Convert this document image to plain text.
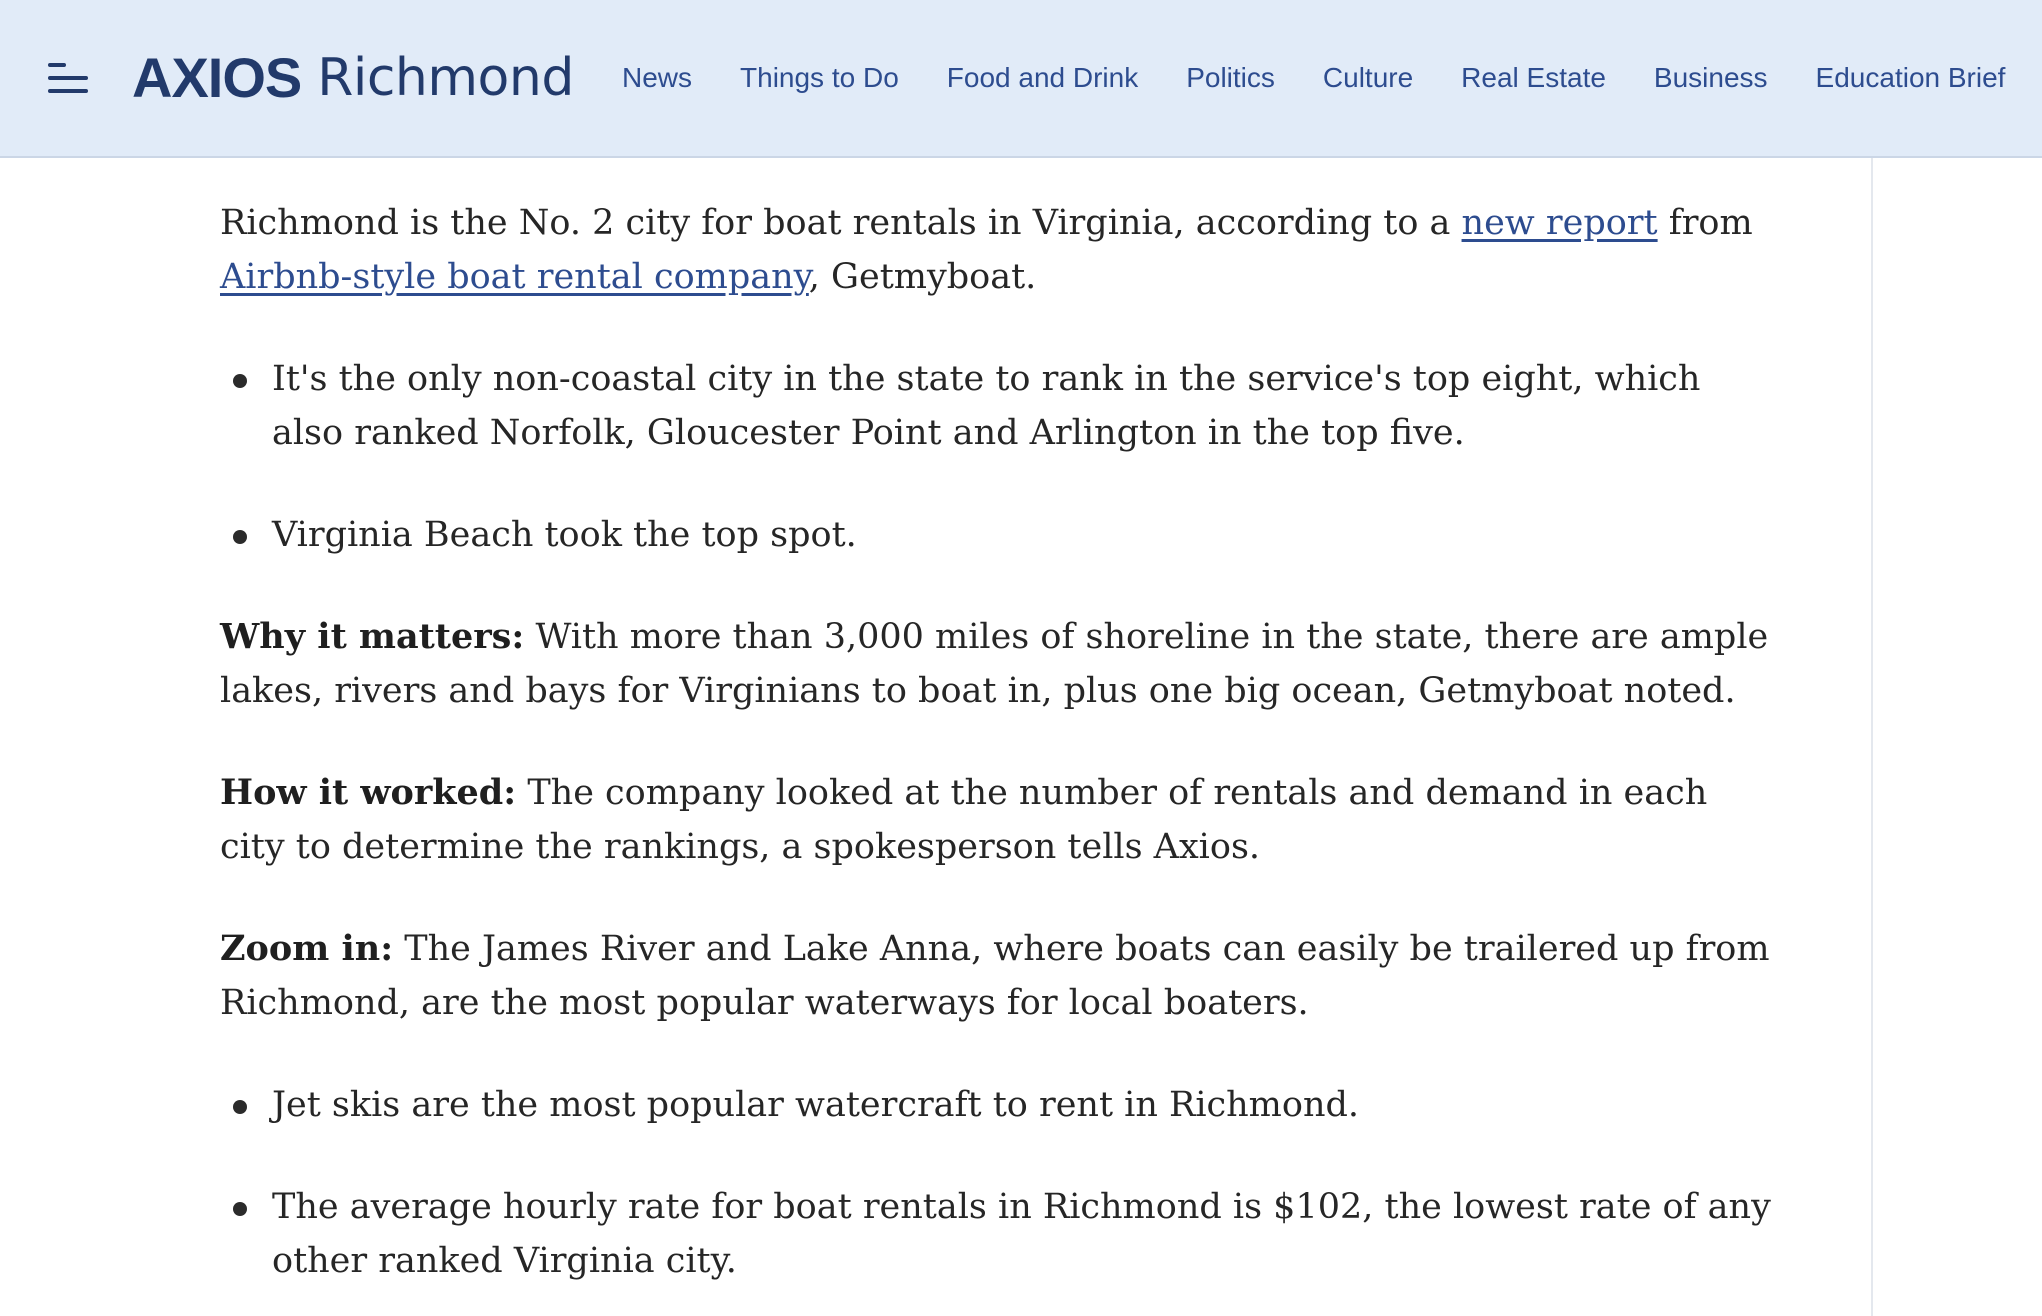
AXIOS Richmond News Things to Do Food and Drink Politics Culture Real Estate Business Education Brief

Richmond is the No. 2 city for boat rentals in Virginia, according to a new report from Airbnb-style boat rental company, Getmyboat.

It's the only non-coastal city in the state to rank in the service's top eight, which also ranked Norfolk, Gloucester Point and Arlington in the top five.
Virginia Beach took the top spot.

Why it matters: With more than 3,000 miles of shoreline in the state, there are ample lakes, rivers and bays for Virginians to boat in, plus one big ocean, Getmyboat noted.

How it worked: The company looked at the number of rentals and demand in each city to determine the rankings, a spokesperson tells Axios.

Zoom in: The James River and Lake Anna, where boats can easily be trailered up from Richmond, are the most popular waterways for local boaters.

Jet skis are the most popular watercraft to rent in Richmond.
The average hourly rate for boat rentals in Richmond is $102, the lowest rate of any other ranked Virginia city.
